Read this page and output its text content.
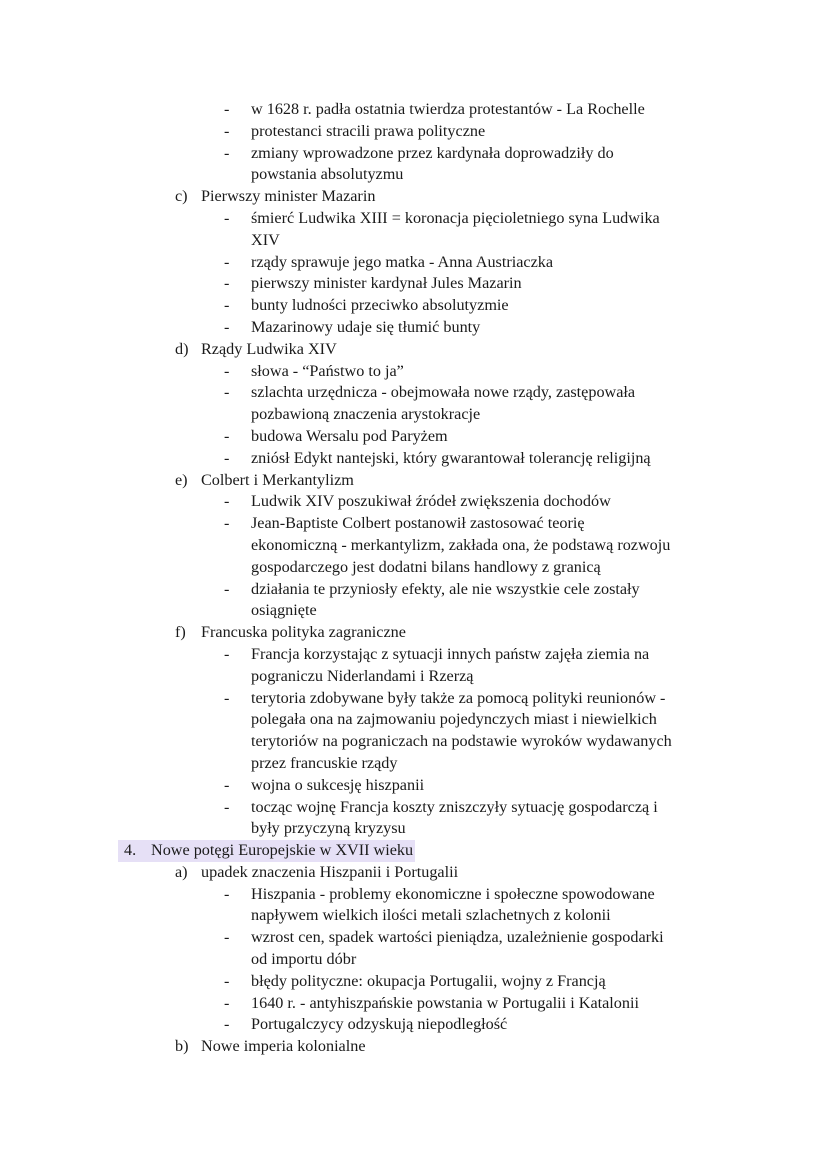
- w 1628 r. padła ostatnia twierdza protestantów - La Rochelle
- protestanci stracili prawa polityczne
- zmiany wprowadzone przez kardynała doprowadziły do
powstania absolutyzmu
c) Pierwszy minister Mazarin
- śmierć Ludwika XIII = koronacja pięcioletniego syna Ludwika
XIV
- rządy sprawuje jego matka - Anna Austriaczka
- pierwszy minister kardynał Jules Mazarin
- bunty ludności przeciwko absolutyzmie
- Mazarinowy udaje się tłumić bunty
d) Rządy Ludwika XIV
- słowa - “Państwo to ja”
- szlachta urzędnicza - obejmowała nowe rządy, zastępowała
pozbawioną znaczenia arystokracje
- budowa Wersalu pod Paryżem
- zniósł Edykt nantejski, który gwarantował tolerancję religijną
e) Colbert i Merkantylizm
- Ludwik XIV poszukiwał źródeł zwiększenia dochodów
- Jean-Baptiste Colbert postanowił zastosować teorię
ekonomiczną - merkantylizm, zakłada ona, że podstawą rozwoju
gospodarczego jest dodatni bilans handlowy z granicą
- działania te przyniosły efekty, ale nie wszystkie cele zostały
osiągnięte
f) Francuska polityka zagraniczne
- Francja korzystając z sytuacji innych państw zajęła ziemia na
pograniczu Niderlandami i Rzerzą
- terytoria zdobywane były także za pomocą polityki reunionów -
polegała ona na zajmowaniu pojedynczych miast i niewielkich
terytoriów na pograniczach na podstawie wyroków wydawanych
przez francuskie rządy
- wojna o sukcesję hiszpanii
- tocząc wojnę Francja koszty zniszczyły sytuację gospodarczą i
były przyczyną kryzysu
4. Nowe potęgi Europejskie w XVII wieku
a) upadek znaczenia Hiszpanii i Portugalii
- Hiszpania - problemy ekonomiczne i społeczne spowodowane
napływem wielkich ilości metali szlachetnych z kolonii
- wzrost cen, spadek wartości pieniądza, uzależnienie gospodarki
od importu dóbr
- błędy polityczne: okupacja Portugalii, wojny z Francją
- 1640 r. - antyhiszpańskie powstania w Portugalii i Katalonii
- Portugalczycy odzyskują niepodległość
b) Nowe imperia kolonialne
